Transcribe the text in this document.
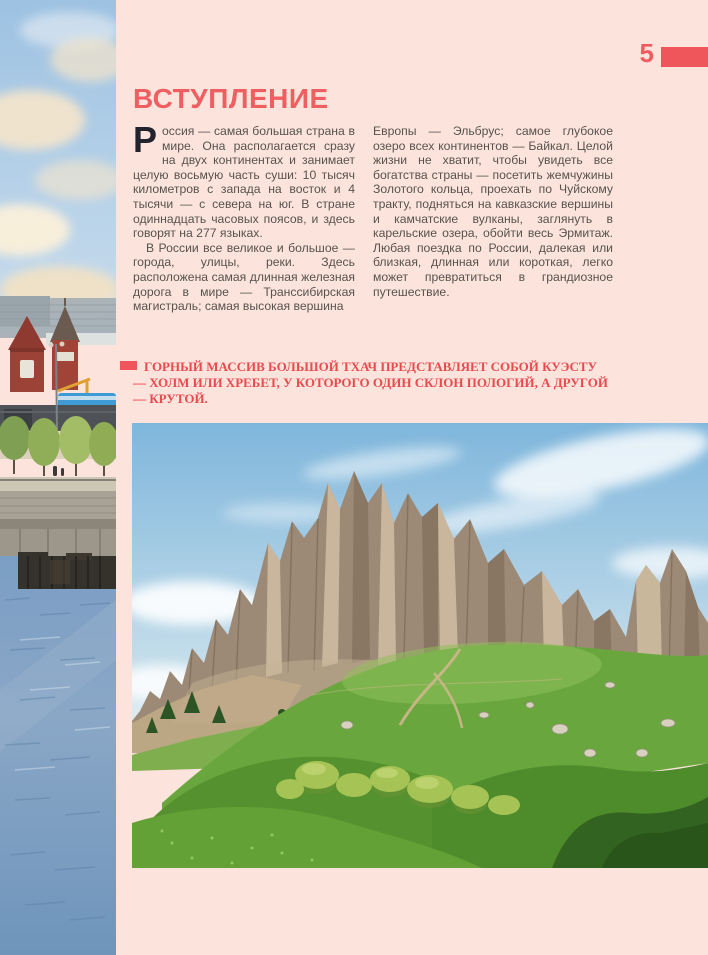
5
ВСТУПЛЕНИЕ

Россия — самая большая страна в мире. Она располагается сразу на двух континентах и занимает целую восьмую часть суши: 10 тысяч километров с запада на восток и 4 тысячи — с севера на юг. В стране одиннадцать часовых поясов, и здесь говорят на 277 языках.

В России все великое и большое — города, улицы, реки. Здесь расположена самая длинная железная дорога в мире — Транссибирская магистраль; самая высокая вершина

Европы — Эльбрус; самое глубокое озеро всех континентов — Байкал. Целой жизни не хватит, чтобы увидеть все богатства страны — посетить жемчужины Золотого кольца, проехать по Чуйскому тракту, подняться на кавказские вершины и камчатские вулканы, заглянуть в карельские озера, обойти весь Эрмитаж. Любая поездка по России, далекая или близкая, длинная или короткая, легко может превратиться в грандиозное путешествие.

ГОРНЫЙ МАССИВ БОЛЬШОЙ ТХАЧ ПРЕДСТАВЛЯЕТ СОБОЙ КУЭСТУ — ХОЛМ ИЛИ ХРЕБЕТ, У КОТОРОГО ОДИН СКЛОН ПОЛОГИЙ, А ДРУГОЙ — КРУТОЙ.
